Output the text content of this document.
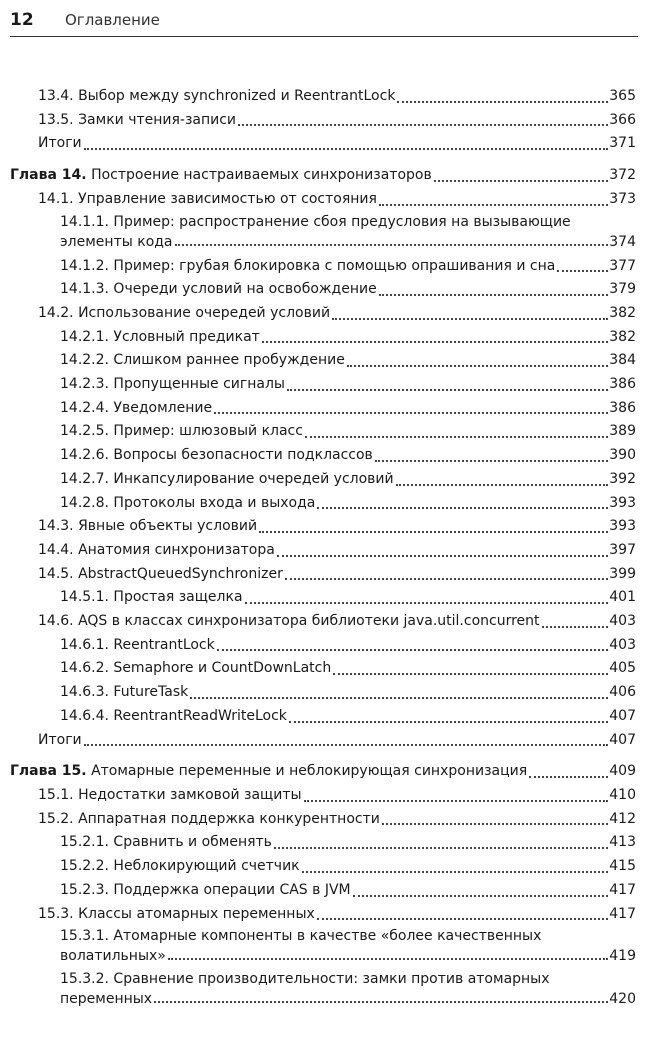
12 Оглавление
13.4. Выбор между synchronized и ReentrantLock	365
13.5. Замки чтения-записи	366
Итоги	371
Глава 14. Построение настраиваемых синхронизаторов	372
14.1. Управление зависимостью от состояния	373
14.1.1. Пример: распространение сбоя предусловия на вызывающие
элементы кода	374
14.1.2. Пример: грубая блокировка с помощью опрашивания и сна	377
14.1.3. Очереди условий на освобождение	379
14.2. Использование очередей условий	382
14.2.1. Условный предикат	382
14.2.2. Слишком раннее пробуждение	384
14.2.3. Пропущенные сигналы	386
14.2.4. Уведомление	386
14.2.5. Пример: шлюзовый класс	389
14.2.6. Вопросы безопасности подклассов	390
14.2.7. Инкапсулирование очередей условий	392
14.2.8. Протоколы входа и выхода	393
14.3. Явные объекты условий	393
14.4. Анатомия синхронизатора	397
14.5. AbstractQueuedSynchronizer	399
14.5.1. Простая защелка	401
14.6. AQS в классах синхронизатора библиотеки java.util.concurrent	403
14.6.1. ReentrantLock	403
14.6.2. Semaphore и CountDownLatch	405
14.6.3. FutureTask	406
14.6.4. ReentrantReadWriteLock	407
Итоги	407
Глава 15. Атомарные переменные и неблокирующая синхронизация	409
15.1. Недостатки замковой защиты	410
15.2. Аппаратная поддержка конкурентности	412
15.2.1. Сравнить и обменять	413
15.2.2. Неблокирующий счетчик	415
15.2.3. Поддержка операции CAS в JVM	417
15.3. Классы атомарных переменных	417
15.3.1. Атомарные компоненты в качестве «более качественных
волатильных»	419
15.3.2. Сравнение производительности: замки против атомарных
переменных	420
